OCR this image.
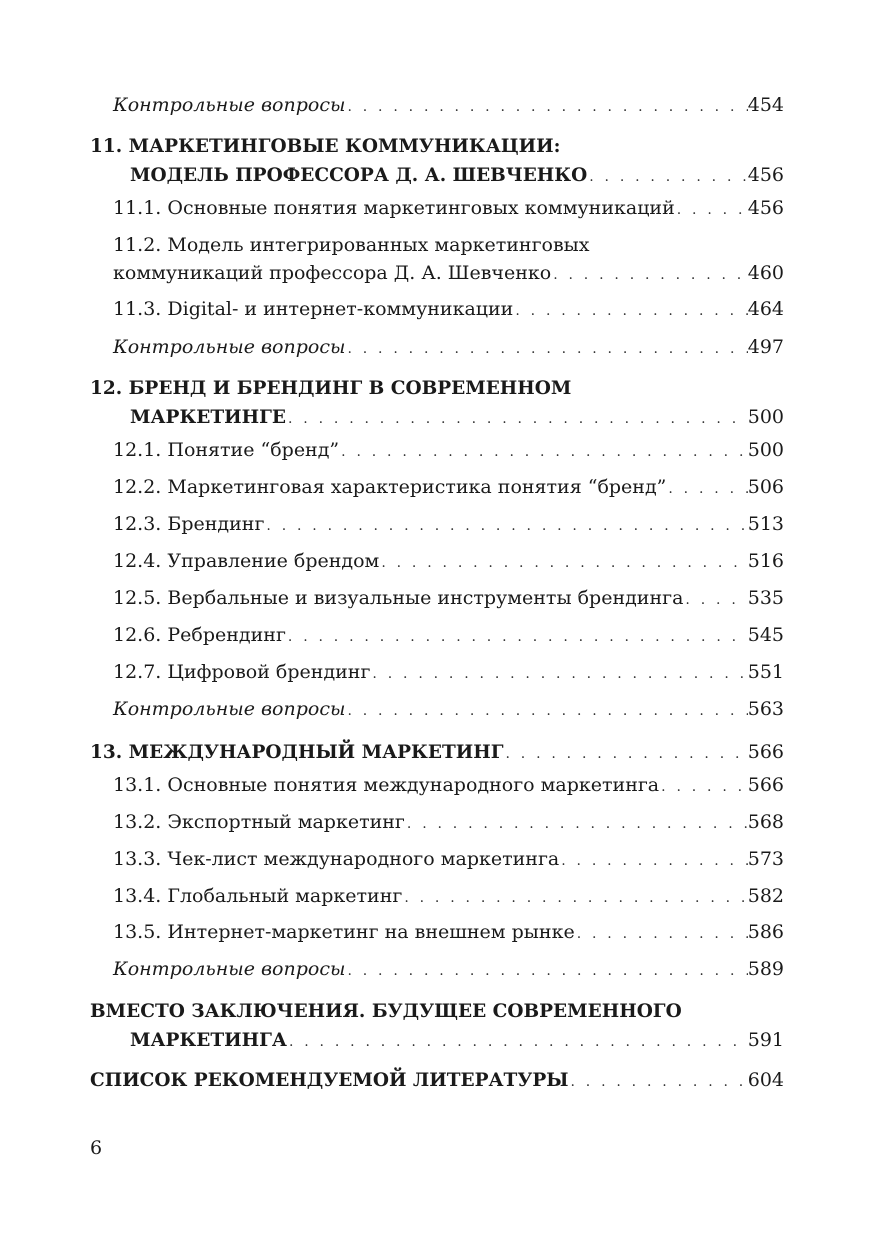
Контрольные вопросы . . .	454
11. МАРКЕТИНГОВЫЕ КОММУНИКАЦИИ:
МОДЕЛЬ ПРОФЕССОРА Д. А. ШЕВЧЕНКО . . .	456
11.1. Основные понятия маркетинговых коммуникаций . . .	456
11.2. Модель интегрированных маркетинговых
коммуникаций профессора Д. А. Шевченко . . .	460
11.3. Digital- и интернет-коммуникации . . .	464
Контрольные вопросы . . .	497
12. БРЕНД И БРЕНДИНГ В СОВРЕМЕННОМ
МАРКЕТИНГЕ . . .	500
12.1. Понятие “бренд” . . .	500
12.2. Маркетинговая характеристика понятия “бренд” . . .	506
12.3. Брендинг . . .	513
12.4. Управление брендом . . .	516
12.5. Вербальные и визуальные инструменты брендинга . . .	535
12.6. Ребрендинг . . .	545
12.7. Цифровой брендинг . . .	551
Контрольные вопросы . . .	563
13. МЕЖДУНАРОДНЫЙ МАРКЕТИНГ . . .	566
13.1. Основные понятия международного маркетинга . . .	566
13.2. Экспортный маркетинг . . .	568
13.3. Чек-лист международного маркетинга . . .	573
13.4. Глобальный маркетинг . . .	582
13.5. Интернет-маркетинг на внешнем рынке . . .	586
Контрольные вопросы . . .	589
ВМЕСТО ЗАКЛЮЧЕНИЯ. БУДУЩЕЕ СОВРЕМЕННОГО
МАРКЕТИНГА . . .	591
СПИСОК РЕКОМЕНДУЕМОЙ ЛИТЕРАТУРЫ . . .	604
6
